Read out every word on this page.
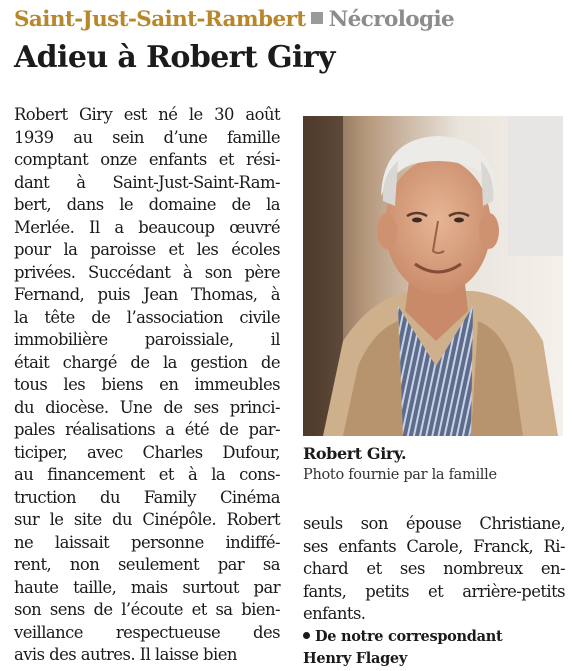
Saint-Just-Saint-Rambert Nécrologie
Adieu à Robert Giry
Robert Giry est né le 30 août
1939 au sein d’une famille
comptant onze enfants et rési-
dant à Saint-Just-Saint-Ram-
bert, dans le domaine de la
Merlée. Il a beaucoup œuvré
pour la paroisse et les écoles
privées. Succédant à son père
Fernand, puis Jean Thomas, à
la tête de l’association civile
immobilière paroissiale, il
était chargé de la gestion de
tous les biens en immeubles
du diocèse. Une de ses princi-
pales réalisations a été de par-
ticiper, avec Charles Dufour,
au financement et à la cons-
truction du Family Cinéma
sur le site du Cinépôle. Robert
ne laissait personne indiffé-
rent, non seulement par sa
haute taille, mais surtout par
son sens de l’écoute et sa bien-
veillance respectueuse des
avis des autres. Il laisse bien
Robert Giry.
Photo fournie par la famille
seuls son épouse Christiane,
ses enfants Carole, Franck, Ri-
chard et ses nombreux en-
fants, petits et arrière-petits
enfants.
De notre correspondant
Henry Flagey
